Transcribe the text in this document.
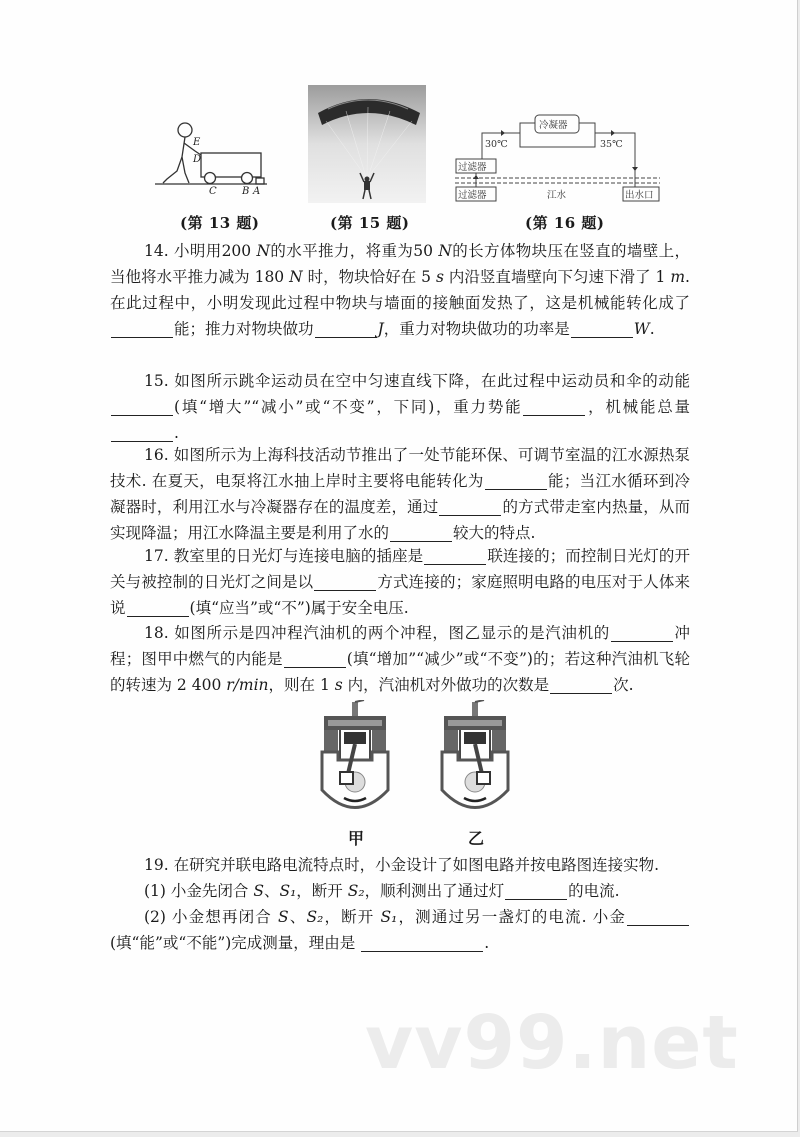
E
D
C	B A
(第 13 题)	(第 15 题)
冷凝器
30℃	35℃
过滤器
过滤器	江水	出水口
(第 16 题)

14. 小明用200 N的水平推力，将重为50 N的长方体物块压在竖直的墙壁上，当他将水平推力减为 180 N 时，物块恰好在 5 s 内沿竖直墙壁向下匀速下滑了 1 m. 在此过程中，小明发现此过程中物块与墙面的接触面发热了，这是机械能转化成了能；推力对物块做功	J，重力对物块做功的功率是	W.

15. 如图所示跳伞运动员在空中匀速直线下降，在此过程中运动员和伞的动能(填“增大”“减小”或“不变”，下同)，重力势能	，机械能总量.

16. 如图所示为上海科技活动节推出了一处节能环保、可调节室温的江水源热泵技术. 在夏天，电泵将江水抽上岸时主要将电能转化为	能；当江水循环到冷凝器时，利用江水与冷凝器存在的温度差，通过	的方式带走室内热量，从而实现降温；用江水降温主要是利用了水的	较大的特点.

17. 教室里的日光灯与连接电脑的插座是	联连接的；而控制日光灯的开关与被控制的日光灯之间是以	方式连接的；家庭照明电路的电压对于人体来说	(填“应当”或“不”)属于安全电压.

18. 如图所示是四冲程汽油机的两个冲程，图乙显示的是汽油机的	冲程；图甲中燃气的内能是	(填“增加”“减少”或“不变”)的；若这种汽油机飞轮的转速为 2 400 r/min，则在 1 s 内，汽油机对外做功的次数是	次.

甲	乙

19. 在研究并联电路电流特点时，小金设计了如图电路并按电路图连接实物.

(1) 小金先闭合 S、S₁，断开 S₂，顺利测出了通过灯	的电流.

(2) 小金想再闭合 S、S₂，断开 S₁，测通过另一盏灯的电流. 小金(填“能”或“不能”)完成测量，理由是	.

vv99.net
